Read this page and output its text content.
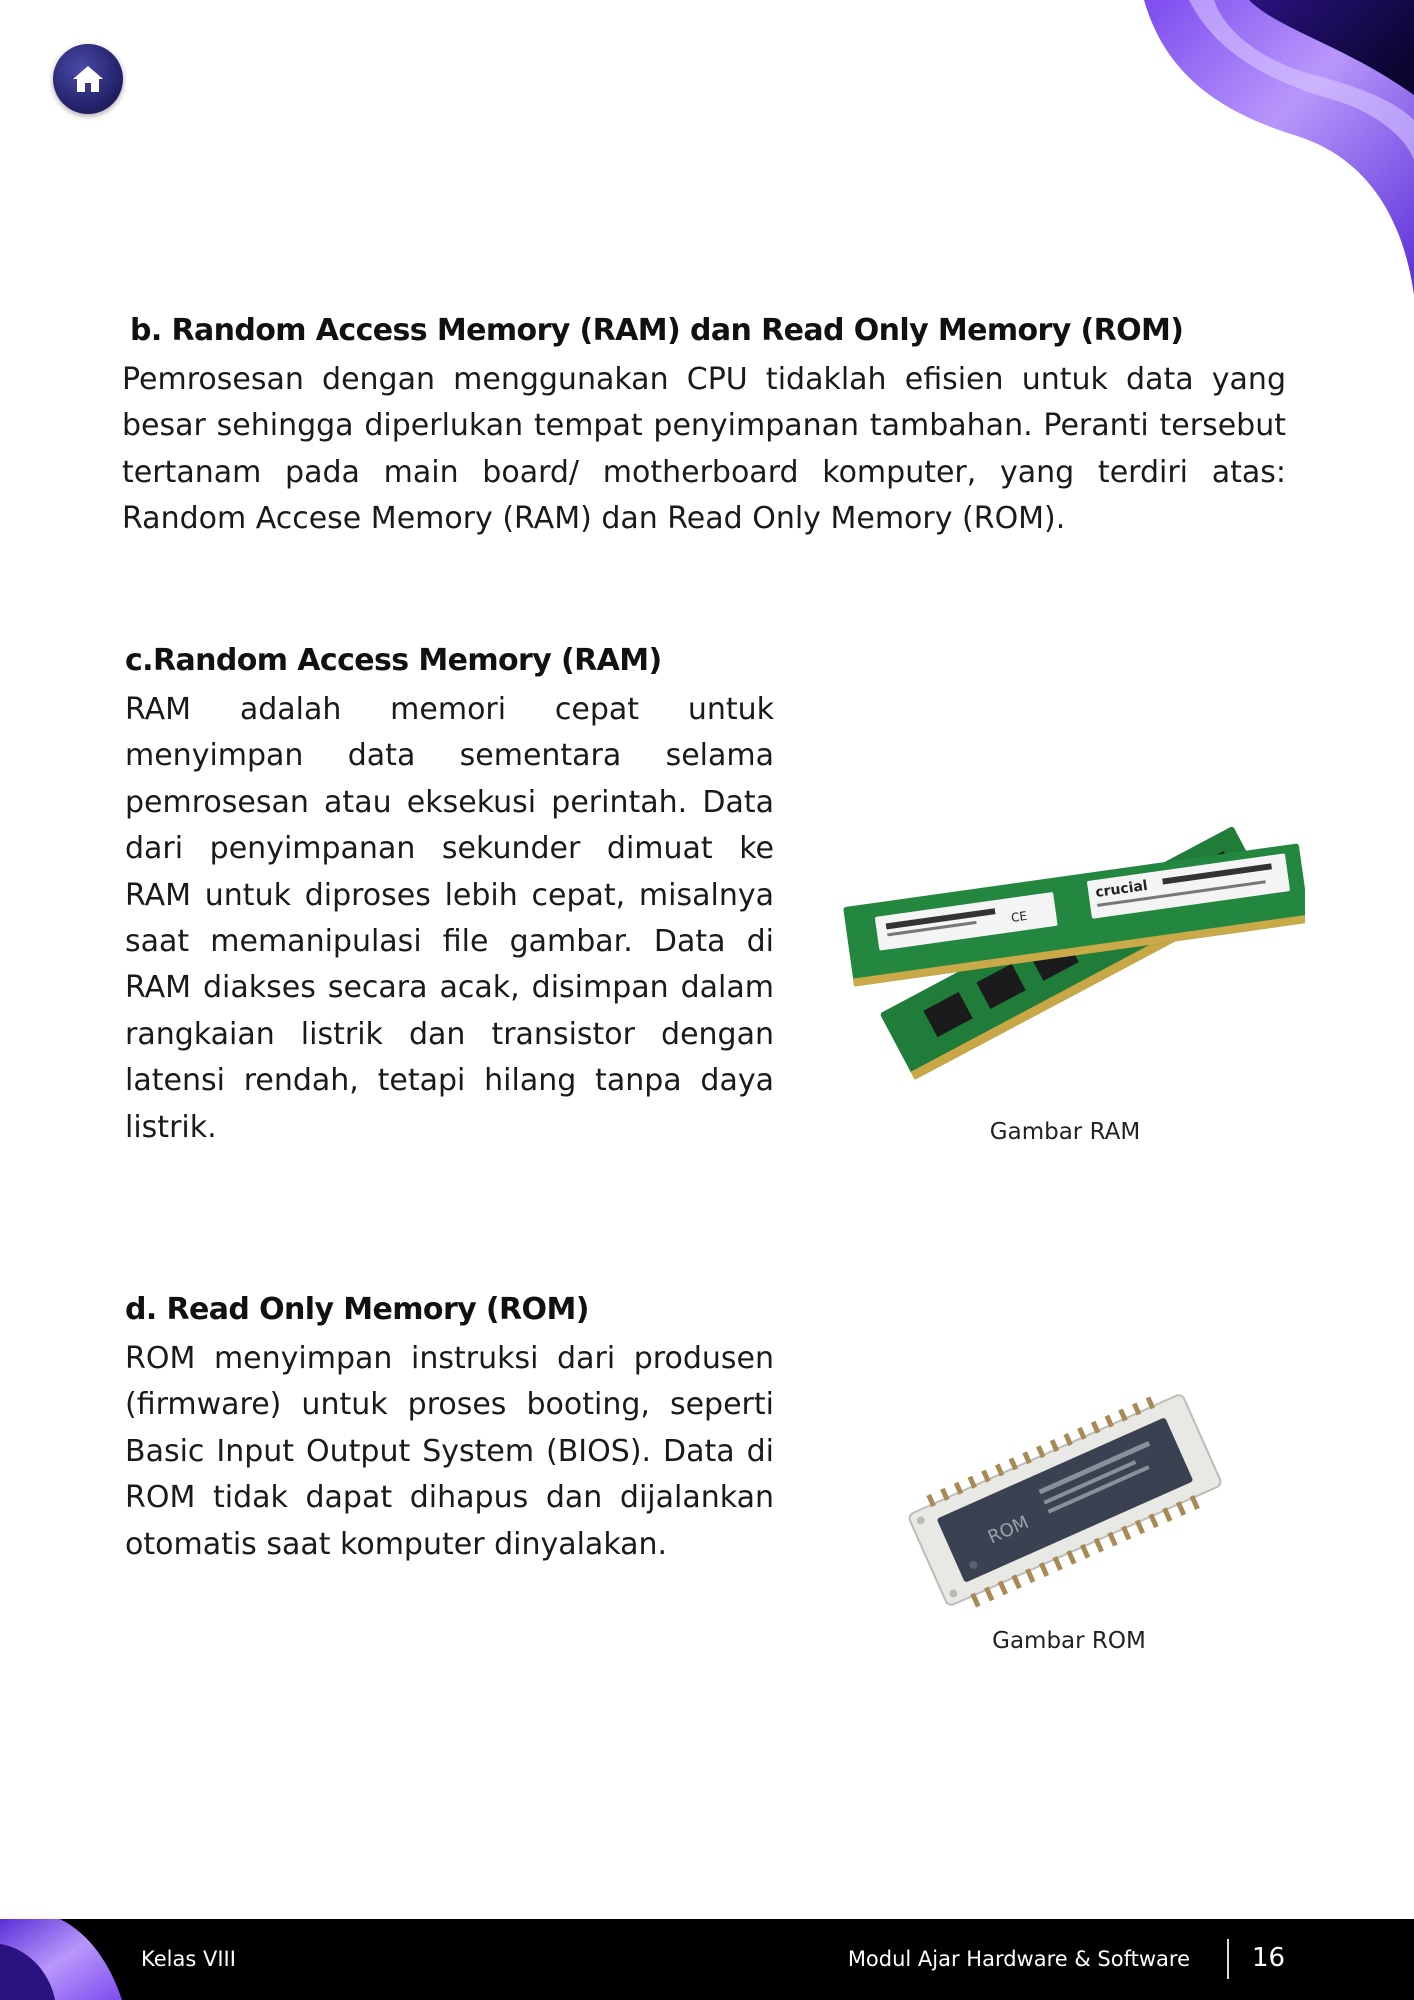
b. Random Access Memory (RAM) dan Read Only Memory (ROM)

Pemrosesan dengan menggunakan CPU tidaklah efisien untuk data yang besar sehingga diperlukan tempat penyimpanan tambahan. Peranti tersebut tertanam pada main board/ motherboard komputer, yang terdiri atas: Random Accese Memory (RAM) dan Read Only Memory (ROM).

c.Random Access Memory (RAM)

RAM adalah memori cepat untuk menyimpan data sementara selama pemrosesan atau eksekusi perintah. Data dari penyimpanan sekunder dimuat ke RAM untuk diproses lebih cepat, misalnya saat memanipulasi file gambar. Data di RAM diakses secara acak, disimpan dalam rangkaian listrik dan transistor dengan latensi rendah, tetapi hilang tanpa daya listrik.

CE
crucial
Gambar RAM
d. Read Only Memory (ROM)

ROM menyimpan instruksi dari produsen (firmware) untuk proses booting, seperti Basic Input Output System (BIOS). Data di ROM tidak dapat dihapus dan dijalankan otomatis saat komputer dinyalakan.	ROM
Gambar ROM
Kelas VIII	Modul Ajar Hardware & Software 16
